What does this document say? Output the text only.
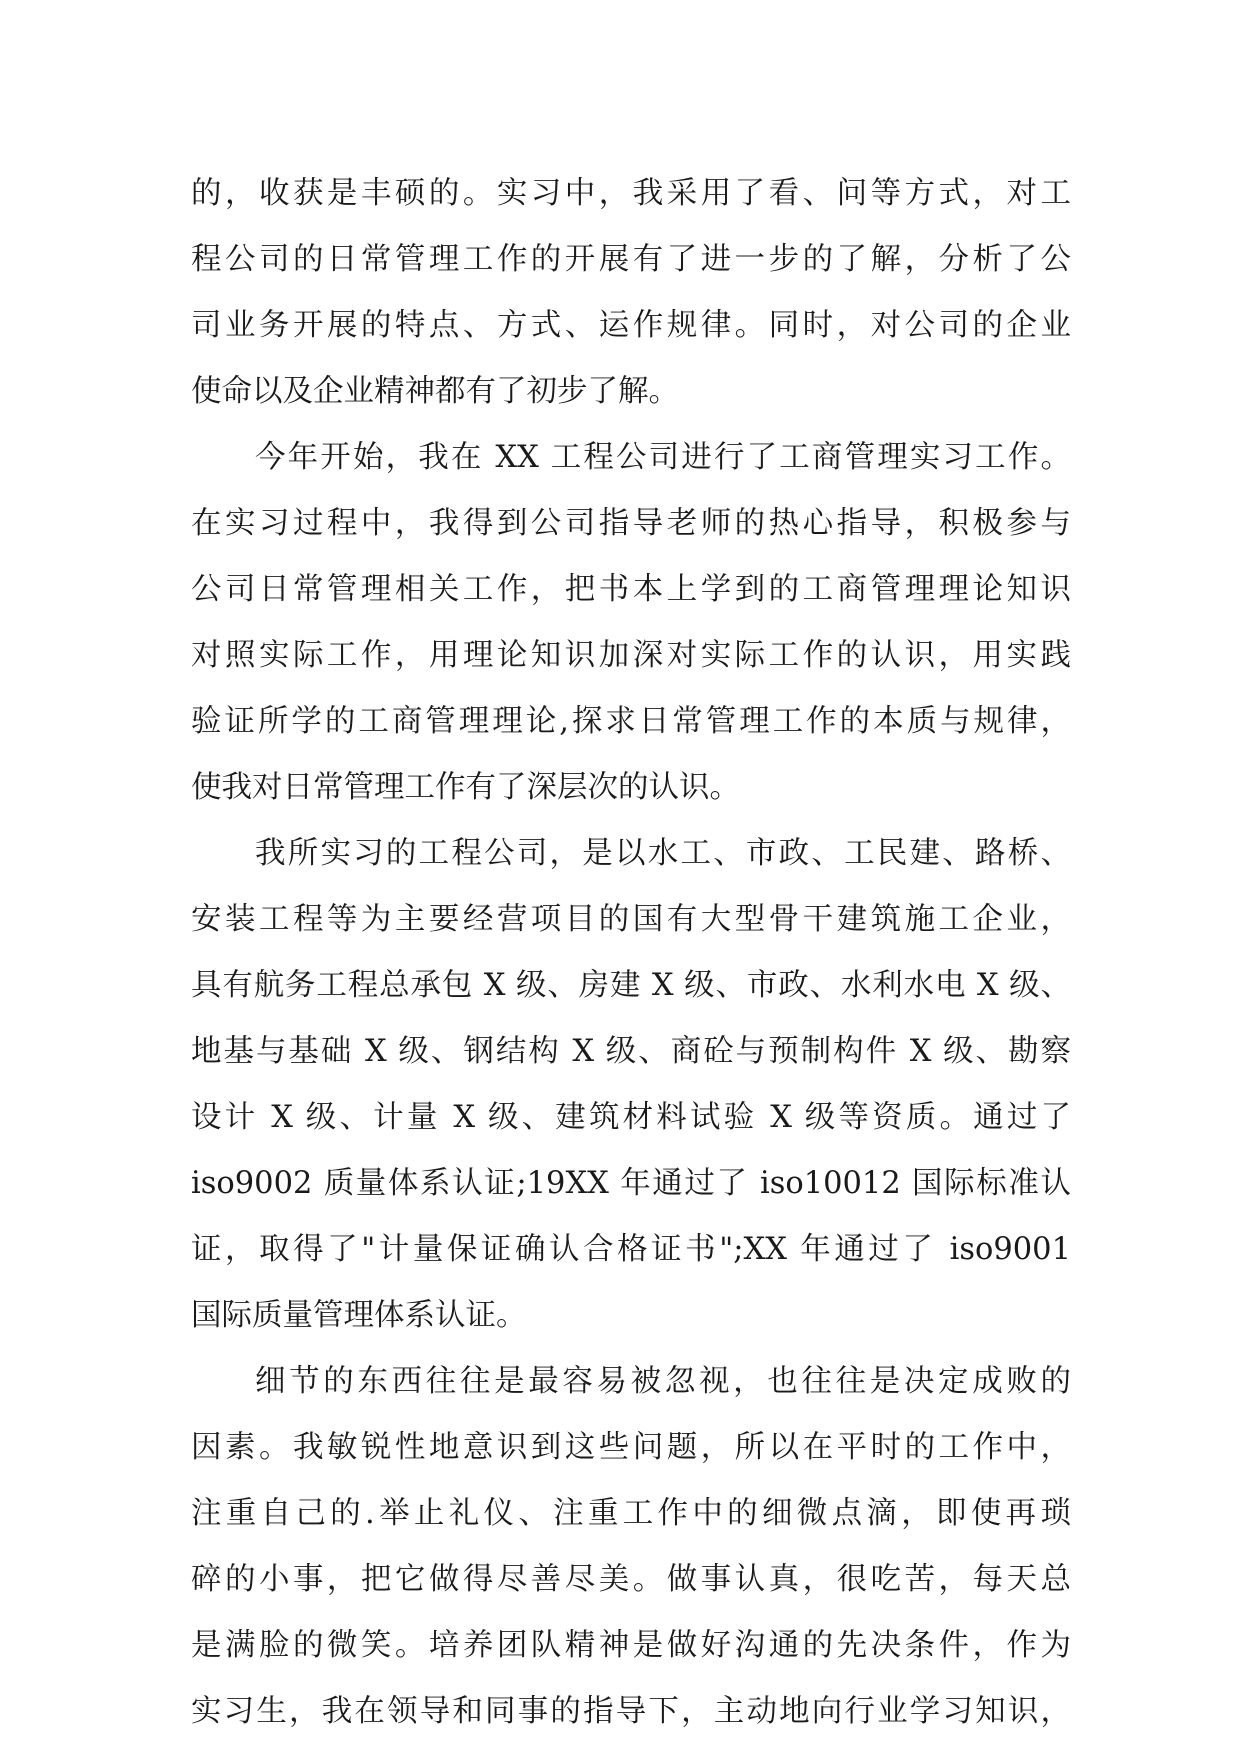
的，收获是丰硕的。实习中，我采用了看、问等方式，对工
程公司的日常管理工作的开展有了进一步的了解，分析了公
司业务开展的特点、方式、运作规律。同时，对公司的企业
使命以及企业精神都有了初步了解。
今年开始，我在 XX 工程公司进行了工商管理实习工作。
在实习过程中，我得到公司指导老师的热心指导，积极参与
公司日常管理相关工作，把书本上学到的工商管理理论知识
对照实际工作，用理论知识加深对实际工作的认识，用实践
验证所学的工商管理理论,探求日常管理工作的本质与规律，
使我对日常管理工作有了深层次的认识。
我所实习的工程公司，是以水工、市政、工民建、路桥、
安装工程等为主要经营项目的国有大型骨干建筑施工企业，
具有航务工程总承包 X 级、房建 X 级、市政、水利水电 X 级、
地基与基础 X 级、钢结构 X 级、商砼与预制构件 X 级、勘察
设计 X 级、计量 X 级、建筑材料试验 X 级等资质。通过了
iso9002 质量体系认证;19XX 年通过了 iso10012 国际标准认
证，取得了"计量保证确认合格证书";XX 年通过了 iso9001
国际质量管理体系认证。
细节的东西往往是最容易被忽视，也往往是决定成败的
因素。我敏锐性地意识到这些问题，所以在平时的工作中，
注重自己的.举止礼仪、注重工作中的细微点滴，即使再琐
碎的小事，把它做得尽善尽美。做事认真，很吃苦，每天总
是满脸的微笑。培养团队精神是做好沟通的先决条件，作为
实习生，我在领导和同事的指导下，主动地向行业学习知识，
